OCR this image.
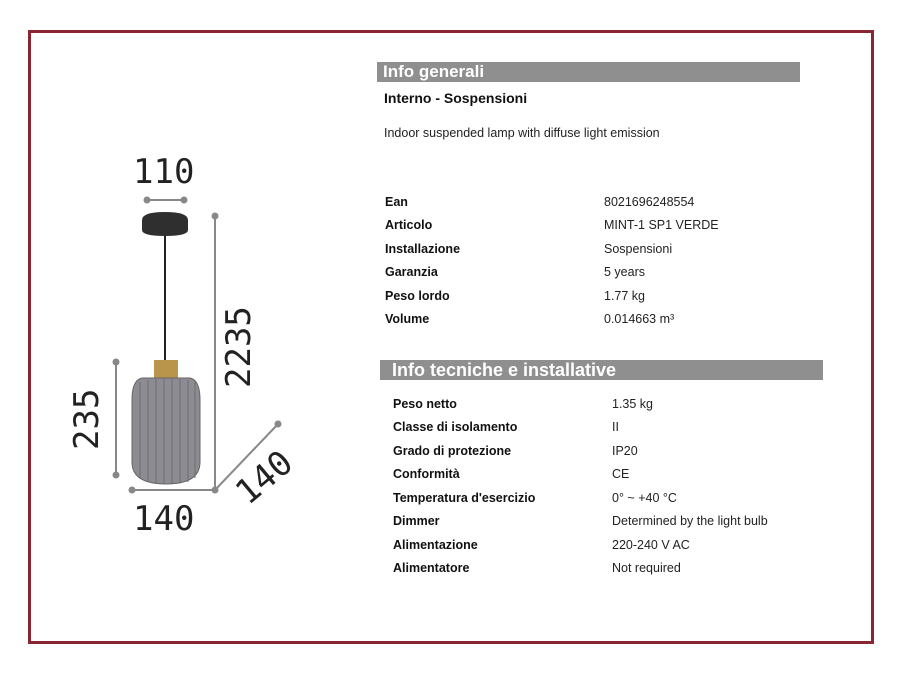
110
2235
235
140
140
Info generali
Interno - Sospensioni
Indoor suspended lamp with diffuse light emission
Ean	8021696248554
Articolo	MINT-1 SP1 VERDE
Installazione	Sospensioni
Garanzia	5 years
Peso lordo	1.77 kg
Volume	0.014663 m³
Info tecniche e installative
Peso netto	1.35 kg
Classe di isolamento	II
Grado di protezione	IP20
Conformità	CE
Temperatura d'esercizio	0° ~ +40 °C
Dimmer	Determined by the light bulb
Alimentazione	220-240 V AC
Alimentatore	Not required
